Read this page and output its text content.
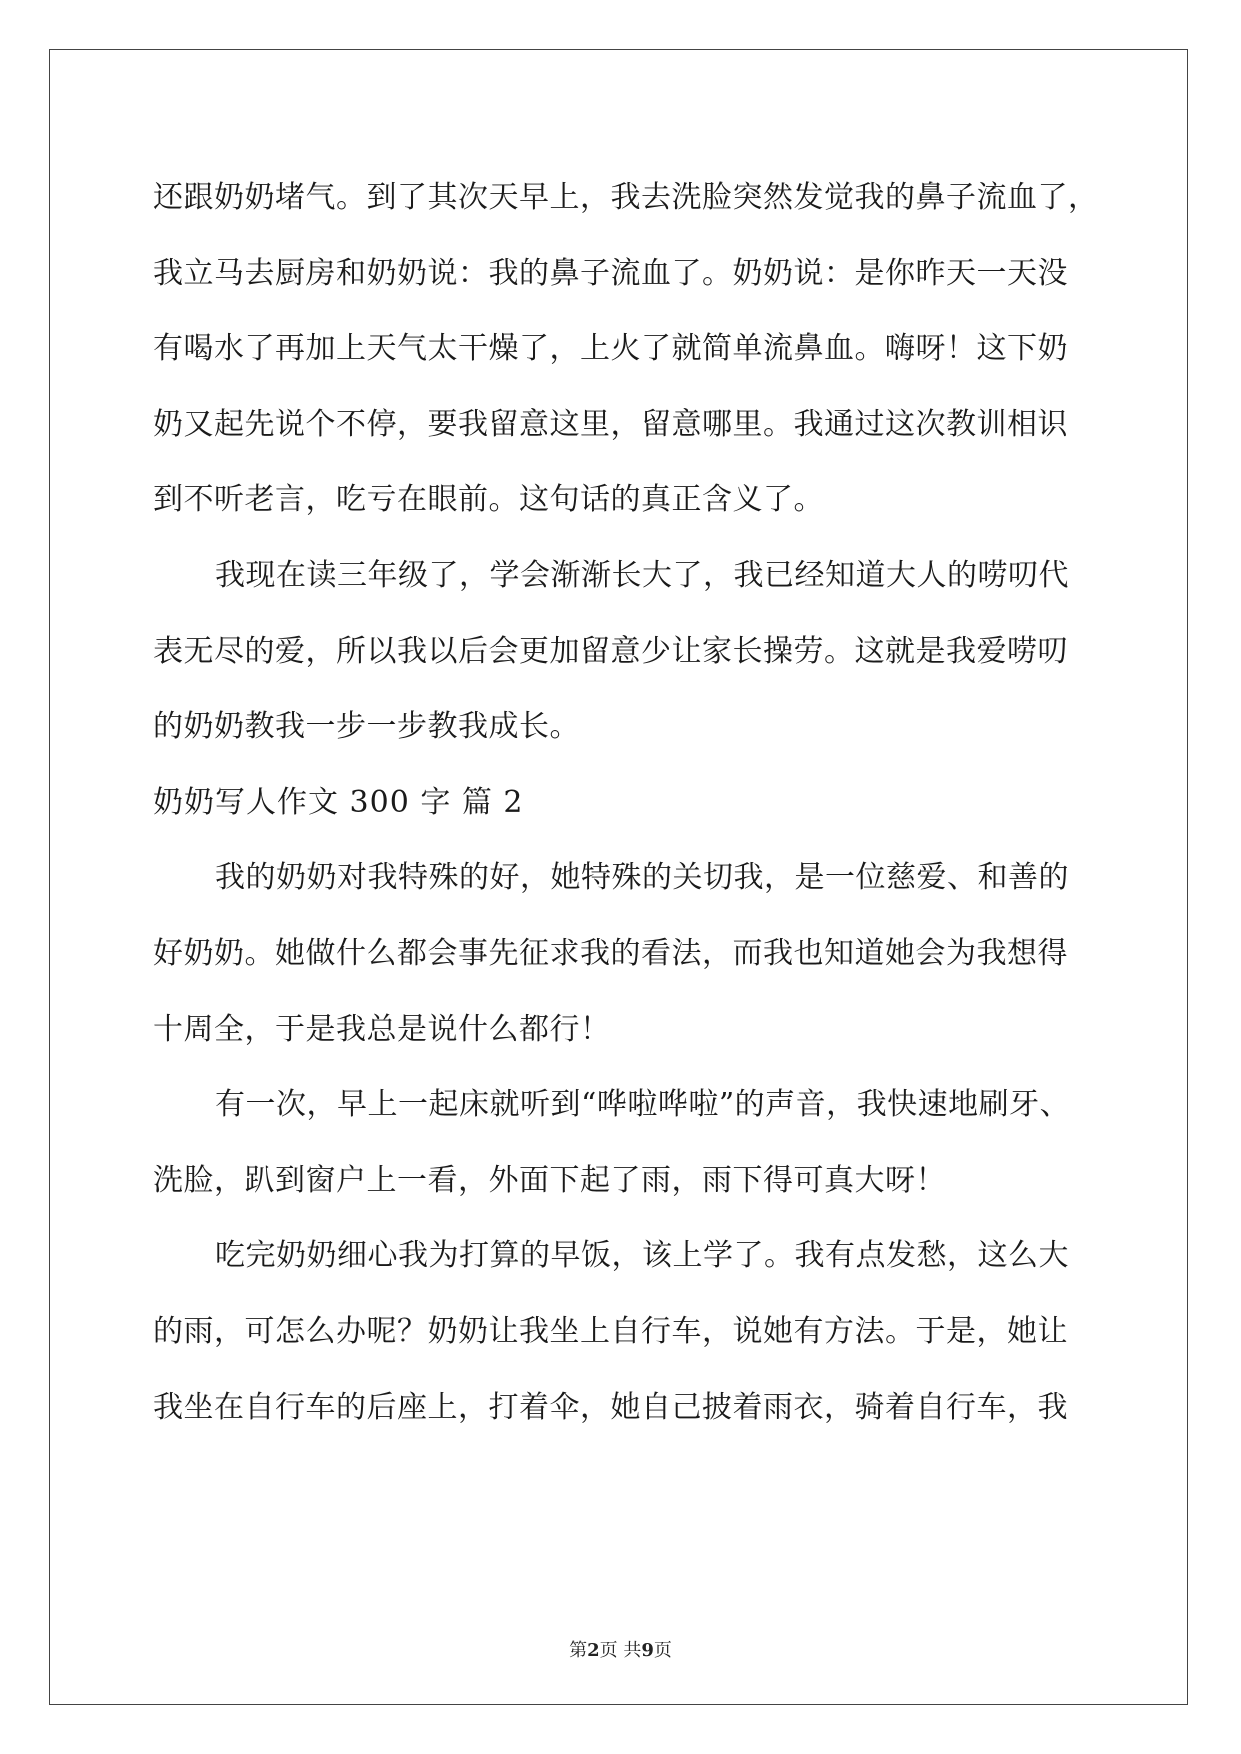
还跟奶奶堵气。到了其次天早上，我去洗脸突然发觉我的鼻子流血了，
我立马去厨房和奶奶说：我的鼻子流血了。奶奶说：是你昨天一天没
有喝水了再加上天气太干燥了，上火了就简单流鼻血。嗨呀！这下奶
奶又起先说个不停，要我留意这里，留意哪里。我通过这次教训相识
到不听老言，吃亏在眼前。这句话的真正含义了。
我现在读三年级了，学会渐渐长大了，我已经知道大人的唠叨代
表无尽的爱，所以我以后会更加留意少让家长操劳。这就是我爱唠叨
的奶奶教我一步一步教我成长。
奶奶写人作文 300 字 篇 2
我的奶奶对我特殊的好，她特殊的关切我，是一位慈爱、和善的
好奶奶。她做什么都会事先征求我的看法，而我也知道她会为我想得
十周全，于是我总是说什么都行！
有一次，早上一起床就听到“哗啦哗啦”的声音，我快速地刷牙、
洗脸，趴到窗户上一看，外面下起了雨，雨下得可真大呀！
吃完奶奶细心我为打算的早饭，该上学了。我有点发愁，这么大
的雨，可怎么办呢？奶奶让我坐上自行车，说她有方法。于是，她让
我坐在自行车的后座上，打着伞，她自己披着雨衣，骑着自行车，我
第2页 共9页
